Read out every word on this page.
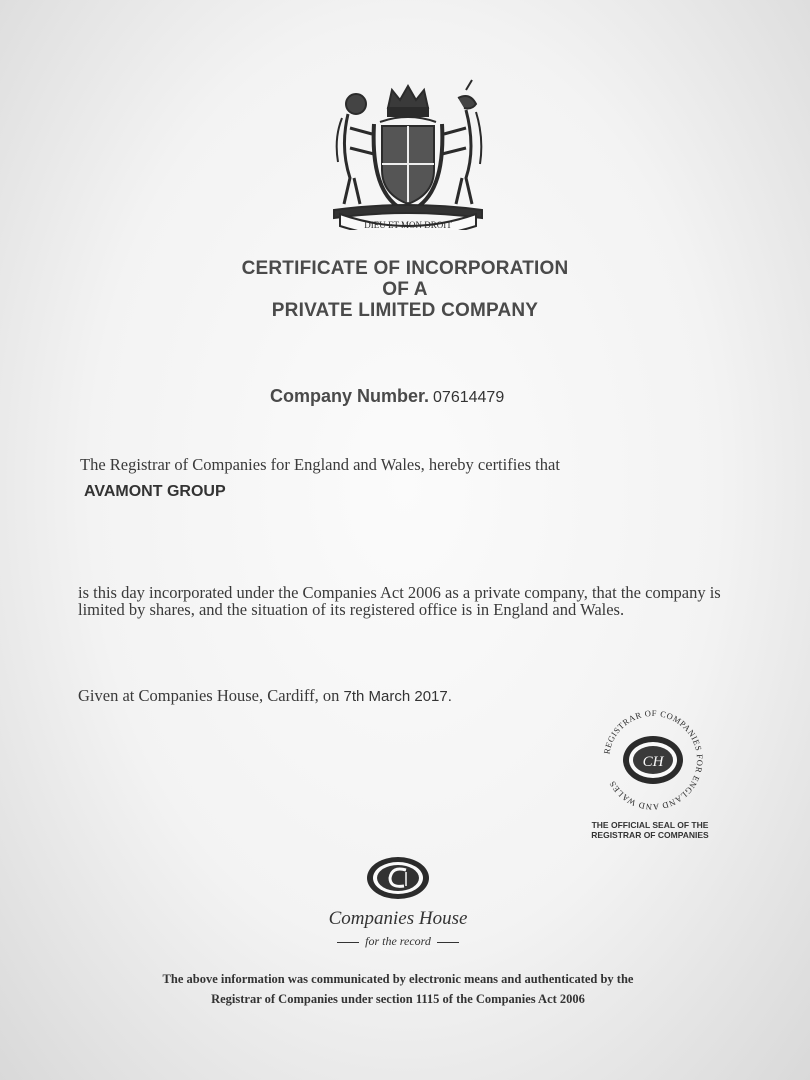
DIEU ET MON DROIT
CERTIFICATE OF INCORPORATION
OF A
PRIVATE LIMITED COMPANY
Company Number. 07614479
The Registrar of Companies for England and Wales, hereby certifies that
AVAMONT GROUP
is this day incorporated under the Companies Act 2006 as a private company, that the company is limited by shares, and the situation of its registered office is in England and Wales.
Given at Companies House, Cardiff, on 7th March 2017.
REGISTRAR OF COMPANIES FOR ENGLAND AND WALES
CH
THE OFFICIAL SEAL OF THE
REGISTRAR OF COMPANIES
Companies House
for the record
The above information was communicated by electronic means and authenticated by the
Registrar of Companies under section 1115 of the Companies Act 2006
